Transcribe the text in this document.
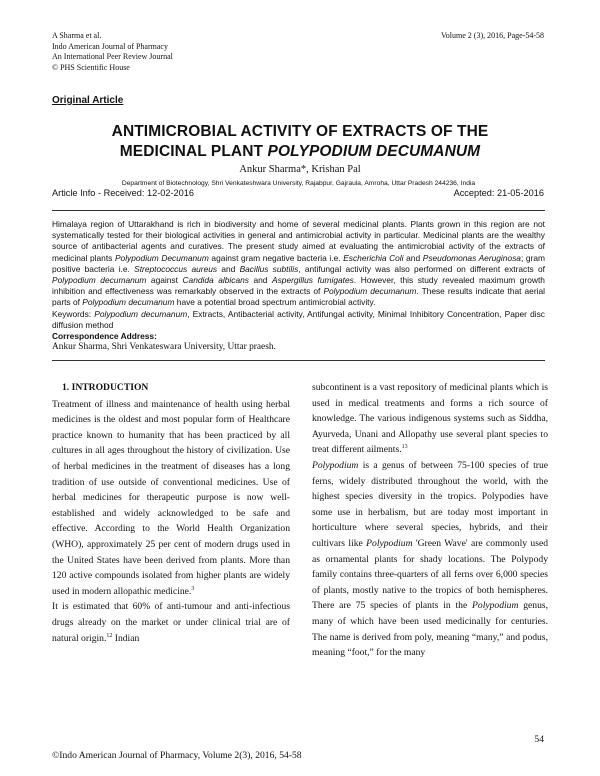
A Sharma et al.
Indo American Journal of Pharmacy
An International Peer Review Journal
© PHS Scientific House
Volume 2 (3), 2016, Page-54-58
Original Article
ANTIMICROBIAL ACTIVITY OF EXTRACTS OF THE
MEDICINAL PLANT POLYPODIUM DECUMANUM
Ankur Sharma*, Krishan Pal
Department of Biotechnology, Shri Venkateshwara University, Rajabpur, Gajraula, Amroha, Uttar Pradesh 244236, India
Article Info - Received: 12-02-2016	Accepted: 21-05-2016
Himalaya region of Uttarakhand is rich in biodiversity and home of several medicinal plants. Plants grown in this region are not systematically tested for their biological activities in general and antimicrobial activity in particular. Medicinal plants are the wealthy source of antibacterial agents and curatives. The present study aimed at evaluating the antimicrobial activity of the extracts of medicinal plants Polypodium Decumanum against gram negative bacteria i.e. Escherichia Coli and Pseudomonas Aeruginosa; gram positive bacteria i.e. Streptococcus aureus and Bacillus subtilis, antifungal activity was also performed on different extracts of Polypodium decumanum against Candida albicans and Aspergillus fumigates. However, this study revealed maximum growth inhibition and effectiveness was remarkably observed in the extracts of Polypodium decumanum. These results indicate that aerial parts of Polypodium decumanum have a potential broad spectrum antimicrobial activity.
Keywords: Polypodium decumanum, Extracts, Antibacterial activity, Antifungal activity, Minimal Inhibitory Concentration, Paper disc diffusion method
Correspondence Address:
Ankur Sharma, Shri Venkateswara University, Uttar praesh.

1. INTRODUCTION

Treatment of illness and maintenance of health using herbal medicines is the oldest and most popular form of Healthcare practice known to humanity that has been practiced by all cultures in all ages throughout the history of civilization. Use of herbal medicines in the treatment of diseases has a long tradition of use outside of conventional medicines. Use of herbal medicines for therapeutic purpose is now well-established and widely acknowledged to be safe and effective. According to the World Health Organization (WHO), approximately 25 per cent of modern drugs used in the United States have been derived from plants. More than 120 active compounds isolated from higher plants are widely used in modern allopathic medicine.$^3$

It is estimated that 60% of anti-tumour and anti-infectious drugs already on the market or under clinical trial are of natural origin.$^{12}$ Indian

subcontinent is a vast repository of medicinal plants which is used in medical treatments and forms a rich source of knowledge. The various indigenous systems such as Siddha, Ayurveda, Unani and Allopathy use several plant species to treat different ailments.$^{13}$
Polypodium is a genus of between 75-100 species of true ferns, widely distributed throughout the world, with the highest species diversity in the tropics. Polypodies have some use in herbalism, but are today most important in horticulture where several species, hybrids, and their cultivars like Polypodium 'Green Wave' are commonly used as ornamental plants for shady locations. The Polypody family contains three-quarters of all ferns over 6,000 species of plants, mostly native to the tropics of both hemispheres. There are 75 species of plants in the Polypodium genus, many of which have been used medicinally for centuries. The name is derived from poly, meaning “many,” and podus, meaning “foot,” for the many

54
©Indo American Journal of Pharmacy, Volume 2(3), 2016, 54-58
